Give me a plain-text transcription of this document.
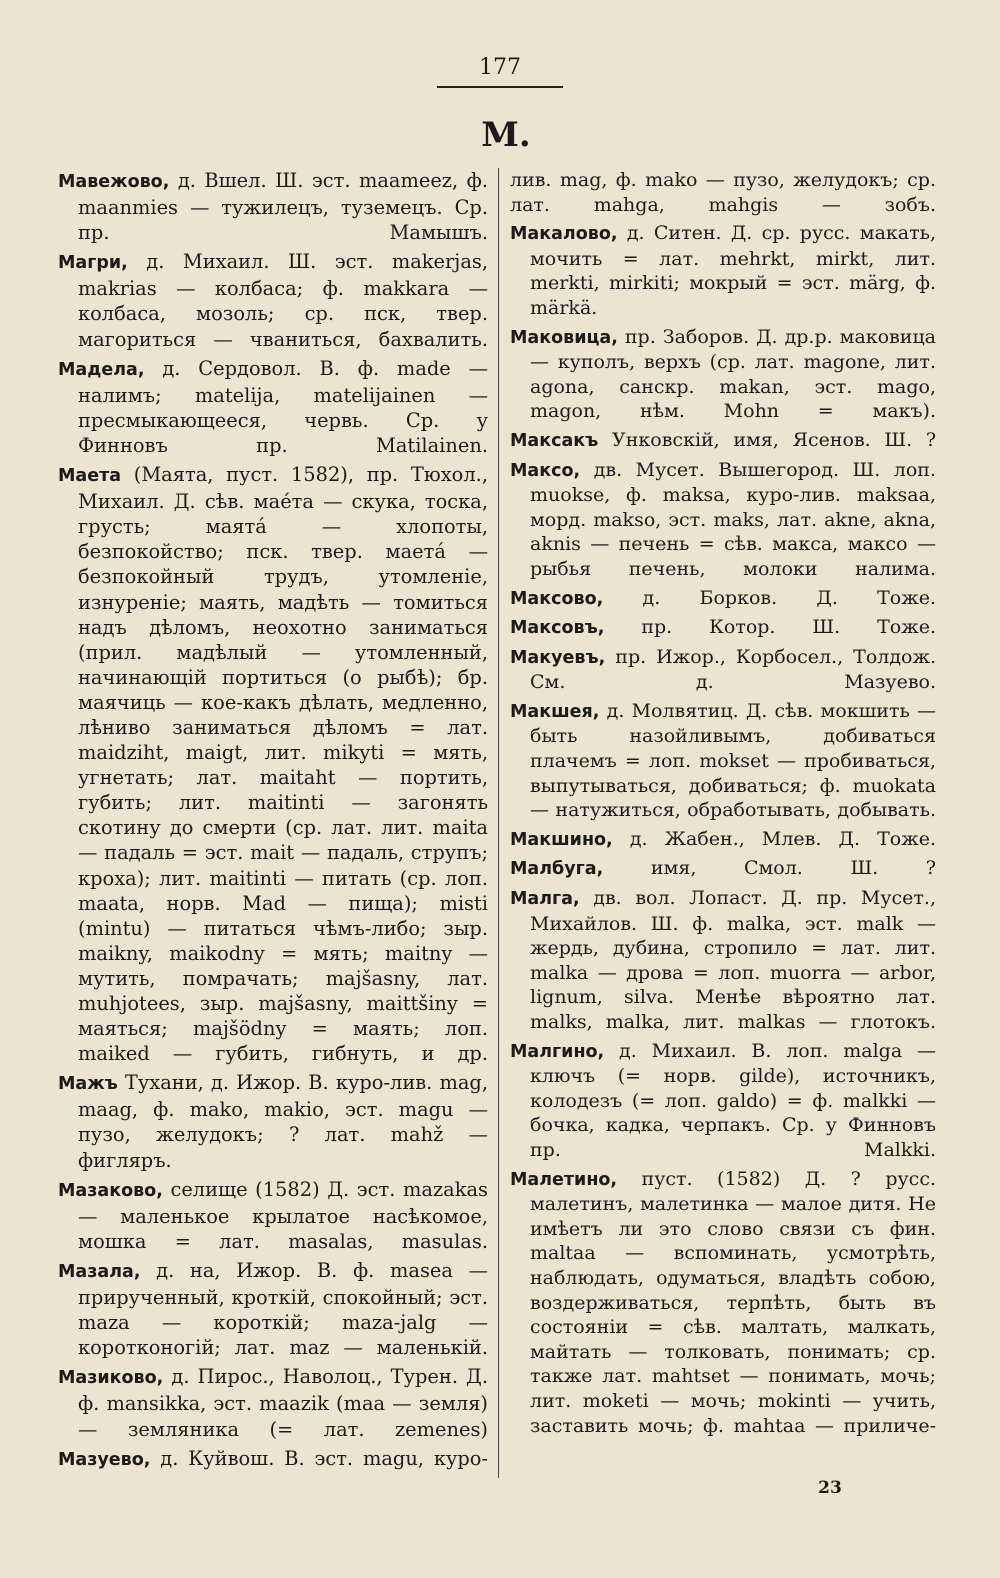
177
М.

Мавежово, д. Вшел. Ш. эст. maameez, ф. maanmies — тужилецъ, туземецъ. Ср. пр. Мамышъ.

Магри, д. Михаил. Ш. эст. makerjas, makrias — колбаса; ф. makkara — колбаса, мозоль; ср. пск, твер. магориться — чваниться, бахвалить.

Мадела, д. Сердовол. В. ф. made — налимъ; matelija, matelijainen — пресмыкающееся, червь. Ср. у Финновъ пр. Matilainen.

Маета (Маята, пуст. 1582), пр. Тюхол., Михаил. Д. сѣв. мае́та — скука, тоска, грусть; маятá — хлопоты, безпокойство; пск. твер. маетá — безпокойный трудъ, утомленіе, изнуреніе; маять, мадѣть — томиться надъ дѣломъ, неохотно заниматься (прил. мадѣлый — утомленный, начинающій портиться (о рыбѣ); бр. маячиць — кое-какъ дѣлать, медленно, лѣниво заниматься дѣломъ = лат. maidziht, maigt, лит. mikyti = мять, угнетать; лат. maitaht — портить, губить; лит. maitinti — загонять скотину до смерти (ср. лат. лит. maita — падаль = эст. mait — падаль, струпъ; кроха); лит. maitinti — питать (ср. лоп. maata, норв. Mad — пища); misti (mintu) — питаться чѣмъ-либо; зыр. maikny, maikodny = мять; maitny — мутить, помрачать; majšasny, лат. muhjotees, зыр. majšasny, maittšiny = маяться; majšödny = маять; лоп. maiked — губить, гибнуть, и др.

Мажъ Тухани, д. Ижор. В. куро-лив. mag, maag, ф. mako, makio, эст. magu — пузо, желудокъ; ? лат. mahž — фигляръ.

Мазаково, селище (1582) Д. эст. mazakas — маленькое крылатое насѣкомое, мошка = лат. masalas, masulas.

Мазала, д. на, Ижор. В. ф. masea — прирученный, кроткій, спокойный; эст. maza — короткій; maza-jalg — коротконогій; лат. maz — маленькій.

Мазиково, д. Пирос., Наволоц., Турен. Д. ф. mansikka, эст. maazik (maa — земля) — земляника (= лат. zemenes)

Мазуево, д. Куйвош. В. эст. magu, куро-

лив. mag, ф. mako — пузо, желудокъ; ср. лат. mahga, mahgis — зобъ.

Макалово, д. Ситен. Д. ср. русс. макать, мочить = лат. mehrkt, mirkt, лит. merkti, mirkiti; мокрый = эст. märg, ф. märkä.

Маковица, пр. Заборов. Д. др.р. маковица — куполъ, верхъ (ср. лат. magone, лит. agona, санскр. makan, эст. mago, magon, нѣм. Mohn = макъ).

Максакъ Унковскій, имя, Ясенов. Ш. ?

Максо, дв. Мусет. Вышегород. Ш. лоп. muokse, ф. maksa, куро-лив. maksaa, морд. makso, эст. maks, лат. akne, akna, aknis — печень = сѣв. макса, максо — рыбья печень, молоки налима.

Максово, д. Борков. Д. Тоже.

Максовъ, пр. Котор. Ш. Тоже.

Макуевъ, пр. Ижор., Корбосел., Толдож. См. д. Мазуево.

Макшея, д. Молвятиц. Д. сѣв. мокшить — быть назойливымъ, добиваться плачемъ = лоп. mokset — пробиваться, выпутываться, добиваться; ф. muokata — натужиться, обработывать, добывать.

Макшино, д. Жабен., Млев. Д. Тоже.

Малбуга, имя, Смол. Ш. ?

Малга, дв. вол. Лопаст. Д. пр. Мусет., Михайлов. Ш. ф. malka, эст. malk — жердь, дубина, стропило = лат. лит. malka — дрова = лоп. muorra — arbor, lignum, silva. Менѣе вѣроятно лат. malks, malka, лит. malkas — глотокъ.

Малгино, д. Михаил. В. лоп. malga — ключъ (= норв. gilde), источникъ, колодезъ (= лоп. galdo) = ф. malkki — бочка, кадка, черпакъ. Ср. у Финновъ пр. Malkki.

Малетино, пуст. (1582) Д. ? русс. малетинъ, малетинка — малое дитя. Не имѣетъ ли это слово связи съ фин. maltaa — вспоминать, усмотрѣть, наблюдать, одуматься, владѣть собою, воздерживаться, терпѣть, быть въ состояніи = сѣв. малтать, малкать, майтать — толковать, понимать; ср. также лат. mahtset — понимать, мочь; лит. moketi — мочь; mokinti — учить, заставить мочь; ф. mahtaa — приличе-

23
